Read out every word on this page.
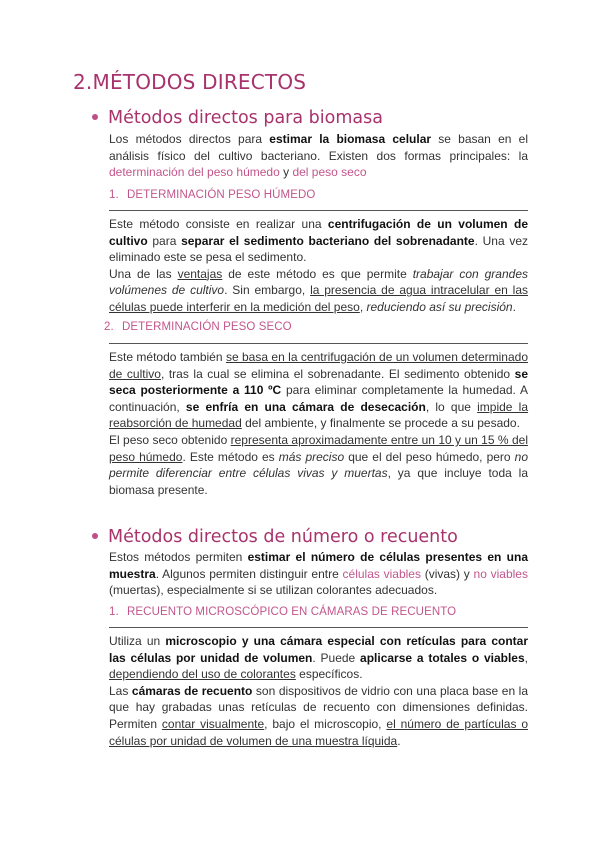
2.MÉTODOS DIRECTOS
Métodos directos para biomasa

Los métodos directos para estimar la biomasa celular se basan en el análisis físico del cultivo bacteriano. Existen dos formas principales: la determinación del peso húmedo y del peso seco

1. DETERMINACIÓN PESO HÚMEDO

Este método consiste en realizar una centrifugación de un volumen de cultivo para separar el sedimento bacteriano del sobrenadante. Una vez eliminado este se pesa el sedimento.
Una de las ventajas de este método es que permite trabajar con grandes volúmenes de cultivo. Sin embargo, la presencia de agua intracelular en las células puede interferir en la medición del peso, reduciendo así su precisión.

2. DETERMINACIÓN PESO SECO

Este método también se basa en la centrifugación de un volumen determinado de cultivo, tras la cual se elimina el sobrenadante. El sedimento obtenido se seca posteriormente a 110 ºC para eliminar completamente la humedad. A continuación, se enfría en una cámara de desecación, lo que impide la reabsorción de humedad del ambiente, y finalmente se procede a su pesado.
El peso seco obtenido representa aproximadamente entre un 10 y un 15 % del peso húmedo. Este método es más preciso que el del peso húmedo, pero no permite diferenciar entre células vivas y muertas, ya que incluye toda la biomasa presente.

Métodos directos de número o recuento

Estos métodos permiten estimar el número de células presentes en una muestra. Algunos permiten distinguir entre células viables (vivas) y no viables (muertas), especialmente si se utilizan colorantes adecuados.

1. RECUENTO MICROSCÓPICO EN CÁMARAS DE RECUENTO

Utiliza un microscopio y una cámara especial con retículas para contar las células por unidad de volumen. Puede aplicarse a totales o viables, dependiendo del uso de colorantes específicos.
Las cámaras de recuento son dispositivos de vidrio con una placa base en la que hay grabadas unas retículas de recuento con dimensiones definidas. Permiten contar visualmente, bajo el microscopio, el número de partículas o células por unidad de volumen de una muestra líquida.
